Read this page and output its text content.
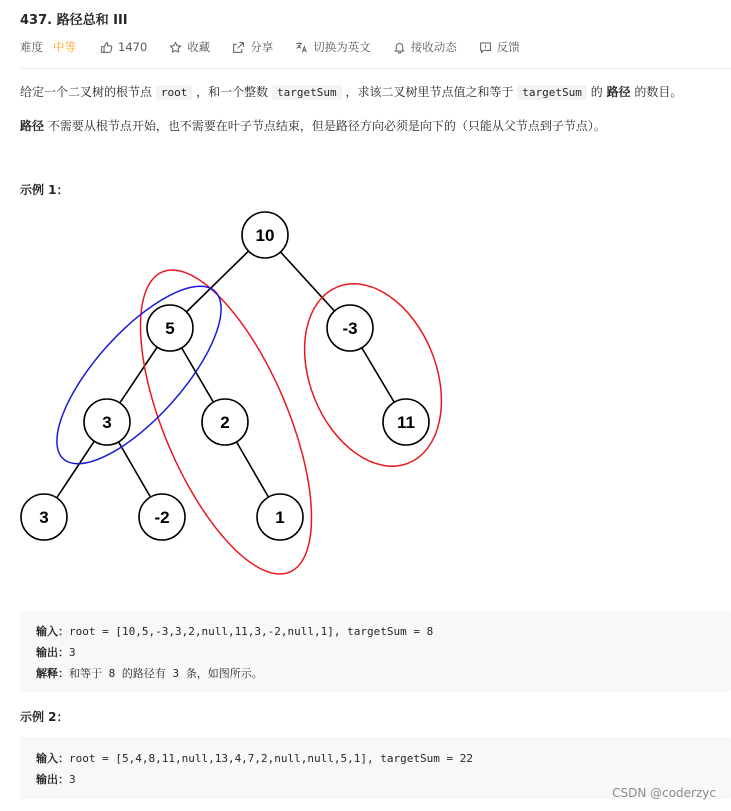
437. 路径总和 III
难度 中等	1470	收藏	分享	切换为英文	接收动态	反馈
给定一个二叉树的根节点 root ，和一个整数 targetSum ，求该二叉树里节点值之和等于 targetSum 的 路径 的数目。
路径 不需要从根节点开始，也不需要在叶子节点结束，但是路径方向必须是向下的（只能从父节点到子节点）。
示例 1：
10
5	-3
3	2	11
3	-2	1
输入：root = [10,5,-3,3,2,null,11,3,-2,null,1], targetSum = 8
输出：3
解释：和等于 8 的路径有 3 条，如图所示。
示例 2：
输入：root = [5,4,8,11,null,13,4,7,2,null,null,5,1], targetSum = 22
输出：3
CSDN @coderzyc
